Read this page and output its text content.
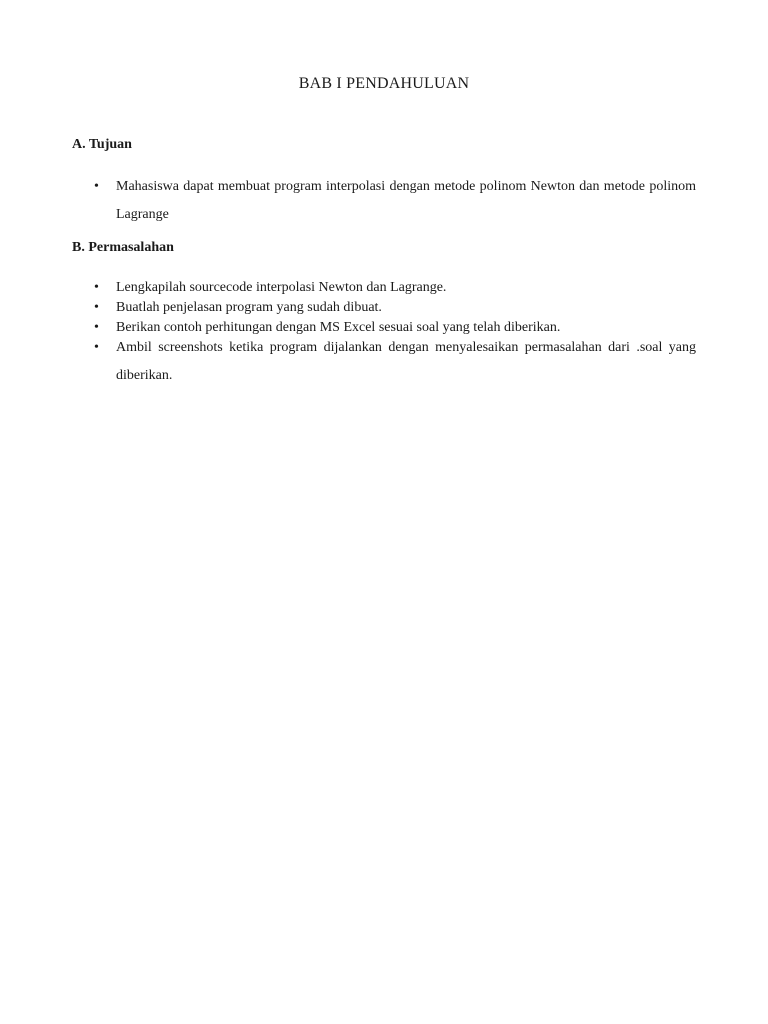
BAB I PENDAHULUAN
A. Tujuan
•	Mahasiswa dapat membuat program interpolasi dengan metode polinom Newton dan metode polinom Lagrange
B. Permasalahan
•	Lengkapilah sourcecode interpolasi Newton dan Lagrange.
•	Buatlah penjelasan program yang sudah dibuat.
•	Berikan contoh perhitungan dengan MS Excel sesuai soal yang telah diberikan.
•	Ambil screenshots ketika program dijalankan dengan menyalesaikan permasalahan dari .soal yang diberikan.
